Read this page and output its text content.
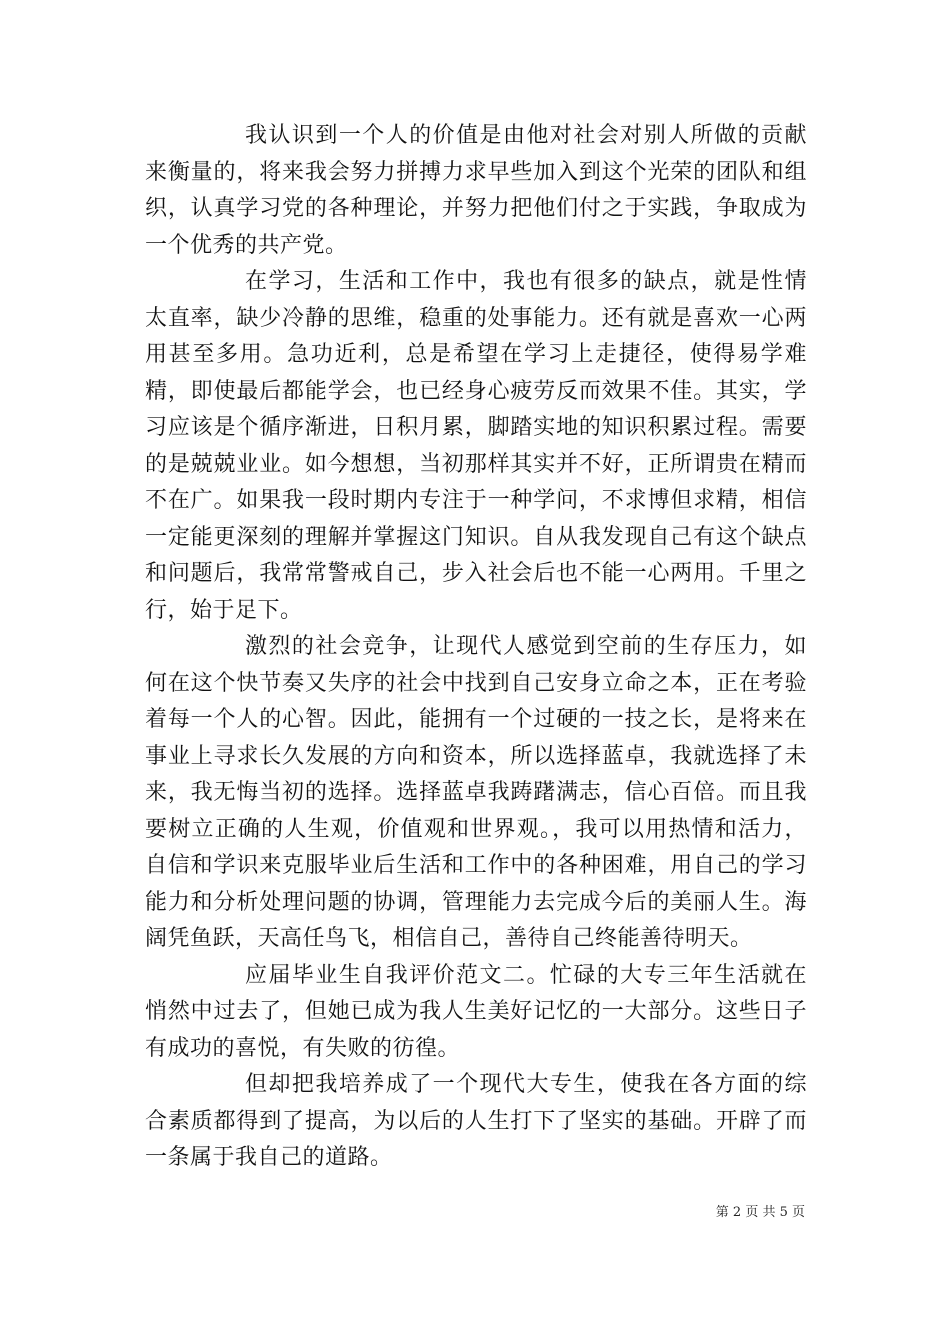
我认识到一个人的价值是由他对社会对别人所做的贡献来衡量的，将来我会努力拼搏力求早些加入到这个光荣的团队和组织，认真学习党的各种理论，并努力把他们付之于实践，争取成为一个优秀的共产党。

在学习，生活和工作中，我也有很多的缺点，就是性情太直率，缺少冷静的思维，稳重的处事能力。还有就是喜欢一心两用甚至多用。急功近利，总是希望在学习上走捷径，使得易学难精，即使最后都能学会，也已经身心疲劳反而效果不佳。其实，学习应该是个循序渐进，日积月累，脚踏实地的知识积累过程。需要的是兢兢业业。如今想想，当初那样其实并不好，正所谓贵在精而不在广。如果我一段时期内专注于一种学问，不求博但求精，相信一定能更深刻的理解并掌握这门知识。自从我发现自己有这个缺点和问题后，我常常警戒自己，步入社会后也不能一心两用。千里之行，始于足下。

激烈的社会竞争，让现代人感觉到空前的生存压力，如何在这个快节奏又失序的社会中找到自己安身立命之本，正在考验着每一个人的心智。因此，能拥有一个过硬的一技之长，是将来在事业上寻求长久发展的方向和资本，所以选择蓝卓，我就选择了未来，我无悔当初的选择。选择蓝卓我踌躇满志，信心百倍。而且我要树立正确的人生观，价值观和世界观。，我可以用热情和活力，自信和学识来克服毕业后生活和工作中的各种困难，用自己的学习能力和分析处理问题的协调，管理能力去完成今后的美丽人生。海阔凭鱼跃，天高任鸟飞，相信自己，善待自己终能善待明天。

应届毕业生自我评价范文二。忙碌的大专三年生活就在悄然中过去了，但她已成为我人生美好记忆的一大部分。这些日子有成功的喜悦，有失败的彷徨。

但却把我培养成了一个现代大专生，使我在各方面的综合素质都得到了提高，为以后的人生打下了坚实的基础。开辟了而一条属于我自己的道路。

第 2 页 共 5 页
